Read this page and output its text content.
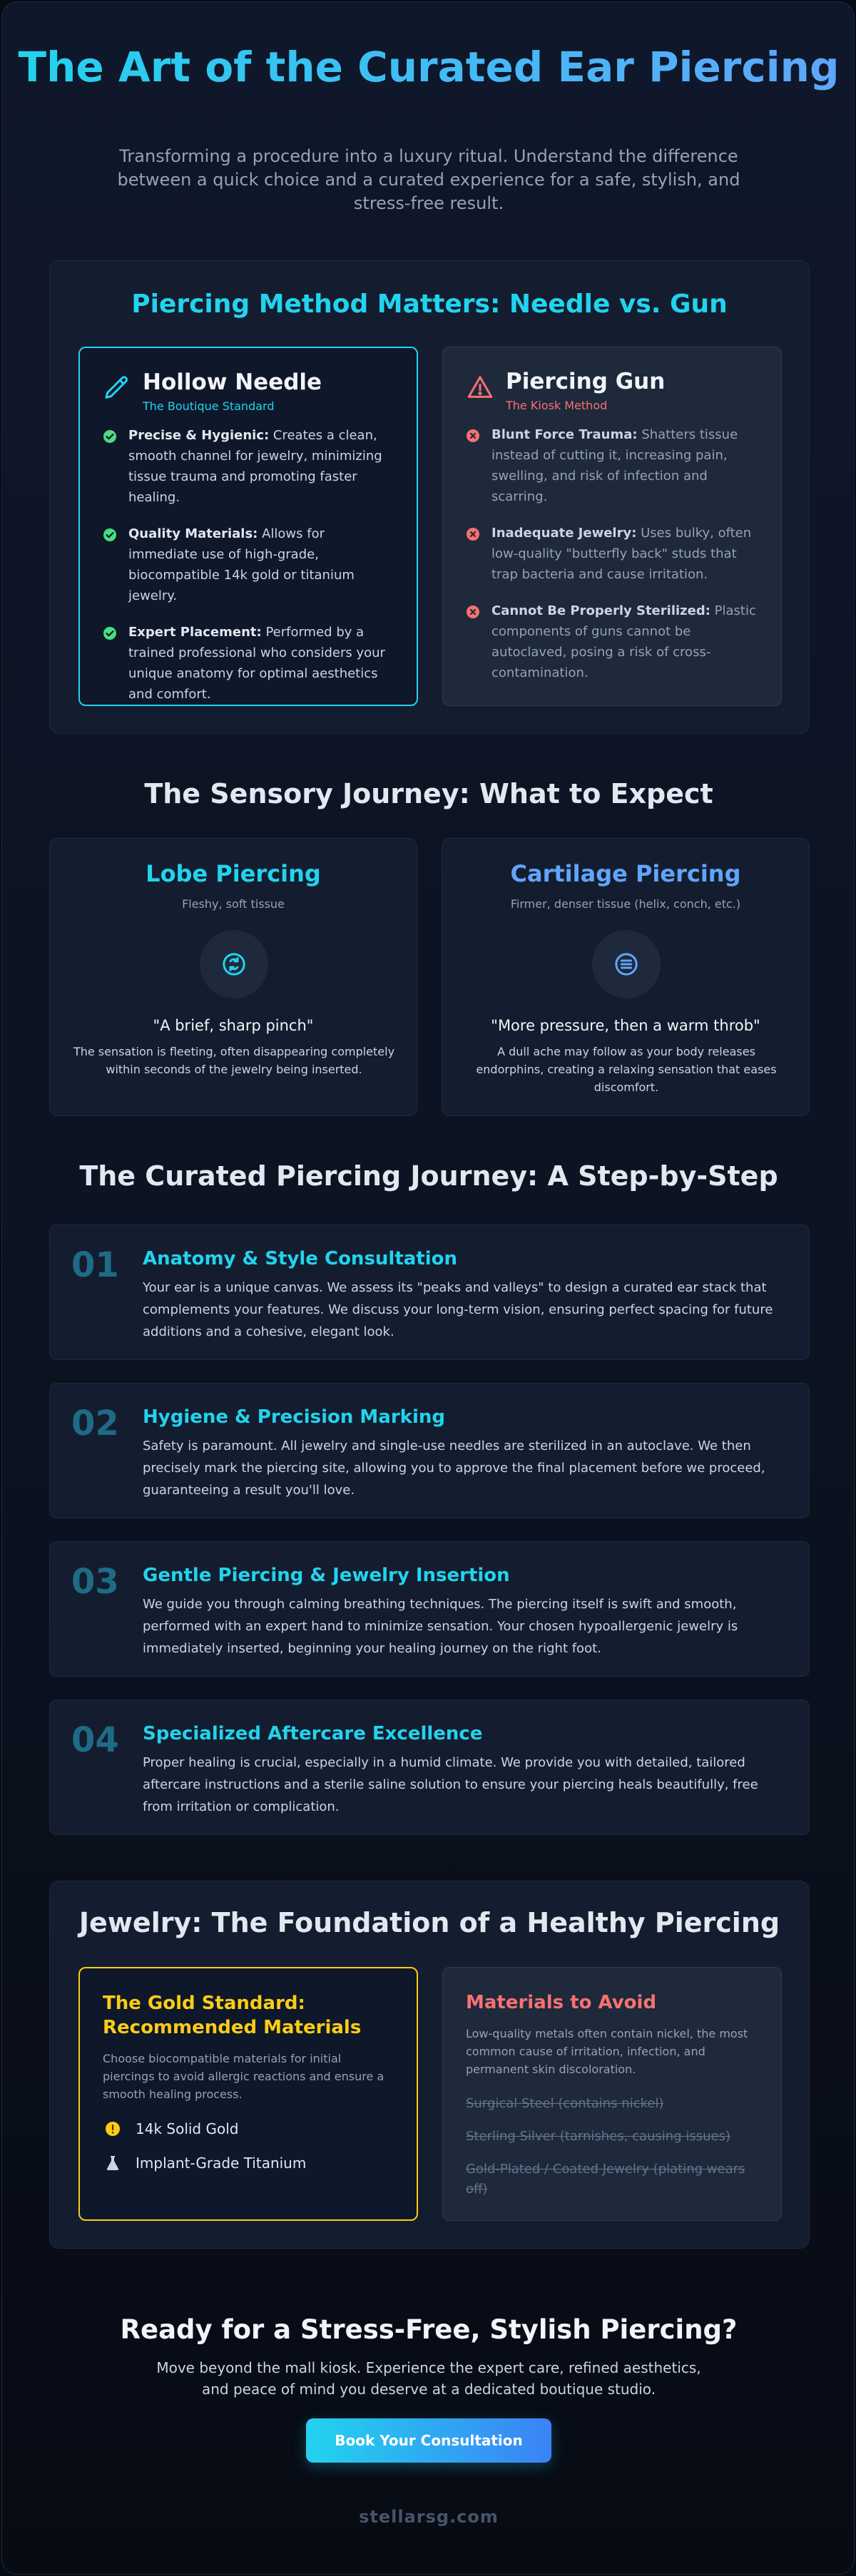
The Art of the Curated Ear Piercing

Transforming a procedure into a luxury ritual. Understand the difference between a quick choice and a curated experience for a safe, stylish, and stress-free result.

Piercing Method Matters: Needle vs. Gun
Hollow Needle
The Boutique Standard
Precise & Hygienic: Creates a clean, smooth channel for jewelry, minimizing tissue trauma and promoting faster healing.
Quality Materials: Allows for immediate use of high-grade, biocompatible 14k gold or titanium jewelry.
Expert Placement: Performed by a trained professional who considers your unique anatomy for optimal aesthetics and comfort.
Piercing Gun
The Kiosk Method
Blunt Force Trauma: Shatters tissue instead of cutting it, increasing pain, swelling, and risk of infection and scarring.
Inadequate Jewelry: Uses bulky, often low-quality "butterfly back" studs that trap bacteria and cause irritation.
Cannot Be Properly Sterilized: Plastic components of guns cannot be autoclaved, posing a risk of cross-contamination.
The Sensory Journey: What to Expect
Lobe Piercing
Fleshy, soft tissue
"A brief, sharp pinch"

The sensation is fleeting, often disappearing completely within seconds of the jewelry being inserted.

Cartilage Piercing
Firmer, denser tissue (helix, conch, etc.)
"More pressure, then a warm throb"

A dull ache may follow as your body releases endorphins, creating a relaxing sensation that eases discomfort.

The Curated Piercing Journey: A Step-by-Step
01 Anatomy & Style Consultation

Your ear is a unique canvas. We assess its "peaks and valleys" to design a curated ear stack that complements your features. We discuss your long-term vision, ensuring perfect spacing for future additions and a cohesive, elegant look.

02 Hygiene & Precision Marking

Safety is paramount. All jewelry and single-use needles are sterilized in an autoclave. We then precisely mark the piercing site, allowing you to approve the final placement before we proceed, guaranteeing a result you'll love.

03 Gentle Piercing & Jewelry Insertion

We guide you through calming breathing techniques. The piercing itself is swift and smooth, performed with an expert hand to minimize sensation. Your chosen hypoallergenic jewelry is immediately inserted, beginning your healing journey on the right foot.

04 Specialized Aftercare Excellence

Proper healing is crucial, especially in a humid climate. We provide you with detailed, tailored aftercare instructions and a sterile saline solution to ensure your piercing heals beautifully, free from irritation or complication.

Jewelry: The Foundation of a Healthy Piercing
The Gold Standard: Recommended Materials

Choose biocompatible materials for initial piercings to avoid allergic reactions and ensure a smooth healing process.

14k Solid Gold
Implant-Grade Titanium
Materials to Avoid

Low-quality metals often contain nickel, the most common cause of irritation, infection, and permanent skin discoloration.

Surgical Steel (contains nickel)
Sterling Silver (tarnishes, causing issues)
Gold-Plated / Coated Jewelry (plating wears off)
Ready for a Stress-Free, Stylish Piercing?

Move beyond the mall kiosk. Experience the expert care, refined aesthetics, and peace of mind you deserve at a dedicated boutique studio.

Book Your Consultation
stellarsg.com
